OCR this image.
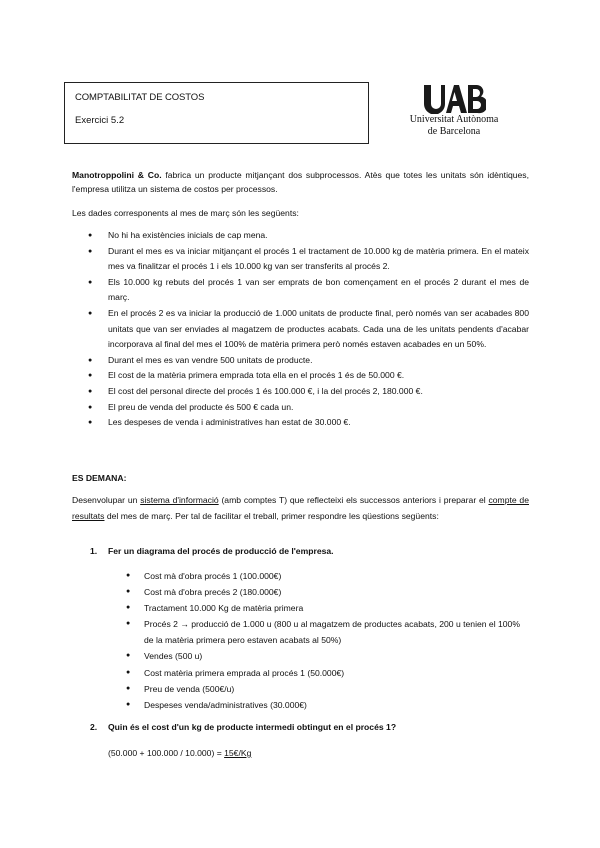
COMPTABILITAT DE COSTOS
Exercici 5.2	Universitat Autònoma
de Barcelona
Manotroppolini & Co. fabrica un producte mitjançant dos subprocessos. Atès que totes les unitats són idèntiques, l'empresa utilitza un sistema de costos per processos.
Les dades corresponents al mes de març són les següents:
● No hi ha existències inicials de cap mena.
● Durant el mes es va iniciar mitjançant el procés 1 el tractament de 10.000 kg de matèria primera. En el mateix mes va finalitzar el procés 1 i els 10.000 kg van ser transferits al procés 2.
● Els 10.000 kg rebuts del procés 1 van ser emprats de bon començament en el procés 2 durant el mes de març.
● En el procés 2 es va iniciar la producció de 1.000 unitats de producte final, però només van ser acabades 800 unitats que van ser enviades al magatzem de productes acabats. Cada una de les unitats pendents d'acabar incorporava al final del mes el 100% de matèria primera però només estaven acabades en un 50%.
● Durant el mes es van vendre 500 unitats de producte.
● El cost de la matèria primera emprada tota ella en el procés 1 és de 50.000 €.
● El cost del personal directe del procés 1 és 100.000 €, i la del procés 2, 180.000 €.
● El preu de venda del producte és 500 € cada un.
● Les despeses de venda i administratives han estat de 30.000 €.
ES DEMANA:
Desenvolupar un sistema d'informació (amb comptes T) que reflecteixi els successos anteriors i preparar el compte de resultats del mes de març. Per tal de facilitar el treball, primer respondre les qüestions següents:
1. Fer un diagrama del procés de producció de l'empresa.
● Cost mà d'obra procés 1 (100.000€)
● Cost mà d'obra precés 2 (180.000€)
● Tractament 10.000 Kg de matèria primera
● Procés 2 → producció de 1.000 u (800 u al magatzem de productes acabats, 200 u tenien el 100% de la matèria primera pero estaven acabats al 50%)
● Vendes (500 u)
● Cost matèria primera emprada al procés 1 (50.000€)
● Preu de venda (500€/u)
● Despeses venda/administratives (30.000€)
2. Quin és el cost d'un kg de producte intermedi obtingut en el procés 1?
(50.000 + 100.000 / 10.000) = 15€/Kg
